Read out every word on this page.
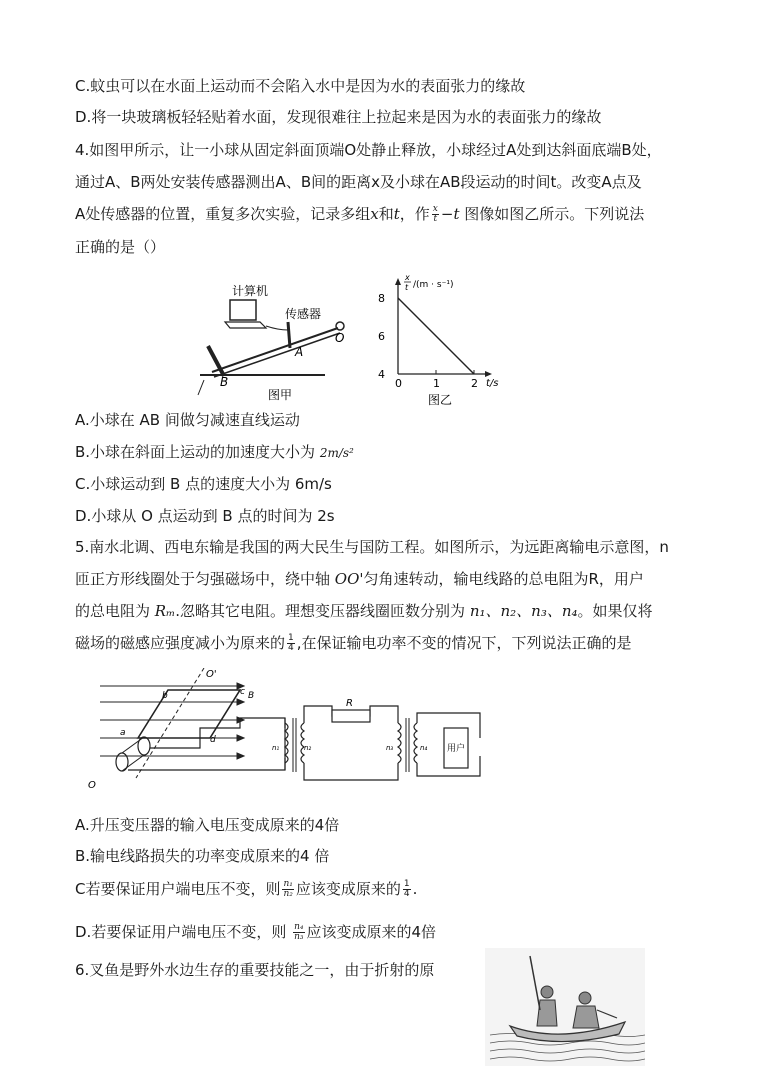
C.蚊虫可以在水面上运动而不会陷入水中是因为水的表面张力的缘故
D.将一块玻璃板轻轻贴着水面，发现很难往上拉起来是因为水的表面张力的缘故
4.如图甲所示，让一小球从固定斜面顶端O处静止释放，小球经过A处到达斜面底端B处，
通过A、B两处安装传感器测出A、B间的距离x及小球在AB段运动的时间t。改变A点及
A处传感器的位置，重复多次实验，记录多组x和t，作 $\frac{x}{t} -t$ 图像如图乙所示。下列说法
正确的是（）
计算机
传感器
O
A
B
图甲
x
t /(m · s⁻¹)
t/s
图乙
8
6
4
0	1	2
A.小球在 AB 间做匀减速直线运动
B.小球在斜面上运动的加速度大小为 2m/s²
C.小球运动到 B 点的速度大小为 6m/s
D.小球从 O 点运动到 B 点的时间为 2s
5.南水北调、西电东输是我国的两大民生与国防工程。如图所示，为远距离输电示意图，n
匝正方形线圈处于匀强磁场中，绕中轴 OO'匀角速转动，输电线路的总电阻为R，用户
的总电阻为 Rₘ.忽略其它电阻。理想变压器线圈匝数分别为 n₁、n₂、n₃、n₄。如果仅将
磁场的磁感应强度减小为原来的 $\frac{1}{4}$ ,在保证输电功率不变的情况下，下列说法正确的是
O'
O
a
b	c B
d
R
n₁	n₂	n₃	n₄ 用户
A.升压变压器的输入电压变成原来的4倍
B.输电线路损失的功率变成原来的4 倍
C若要保证用户端电压不变，则 $\frac{\text{n₁}}{\text{n₂}}$ 应该变成原来的 $\frac{1}{4}$ .
D.若要保证用户端电压不变，则 $\frac{\text{n₄}}{\text{n₃}}$ 应该变成原来的4倍
6.叉鱼是野外水边生存的重要技能之一，由于折射的原
